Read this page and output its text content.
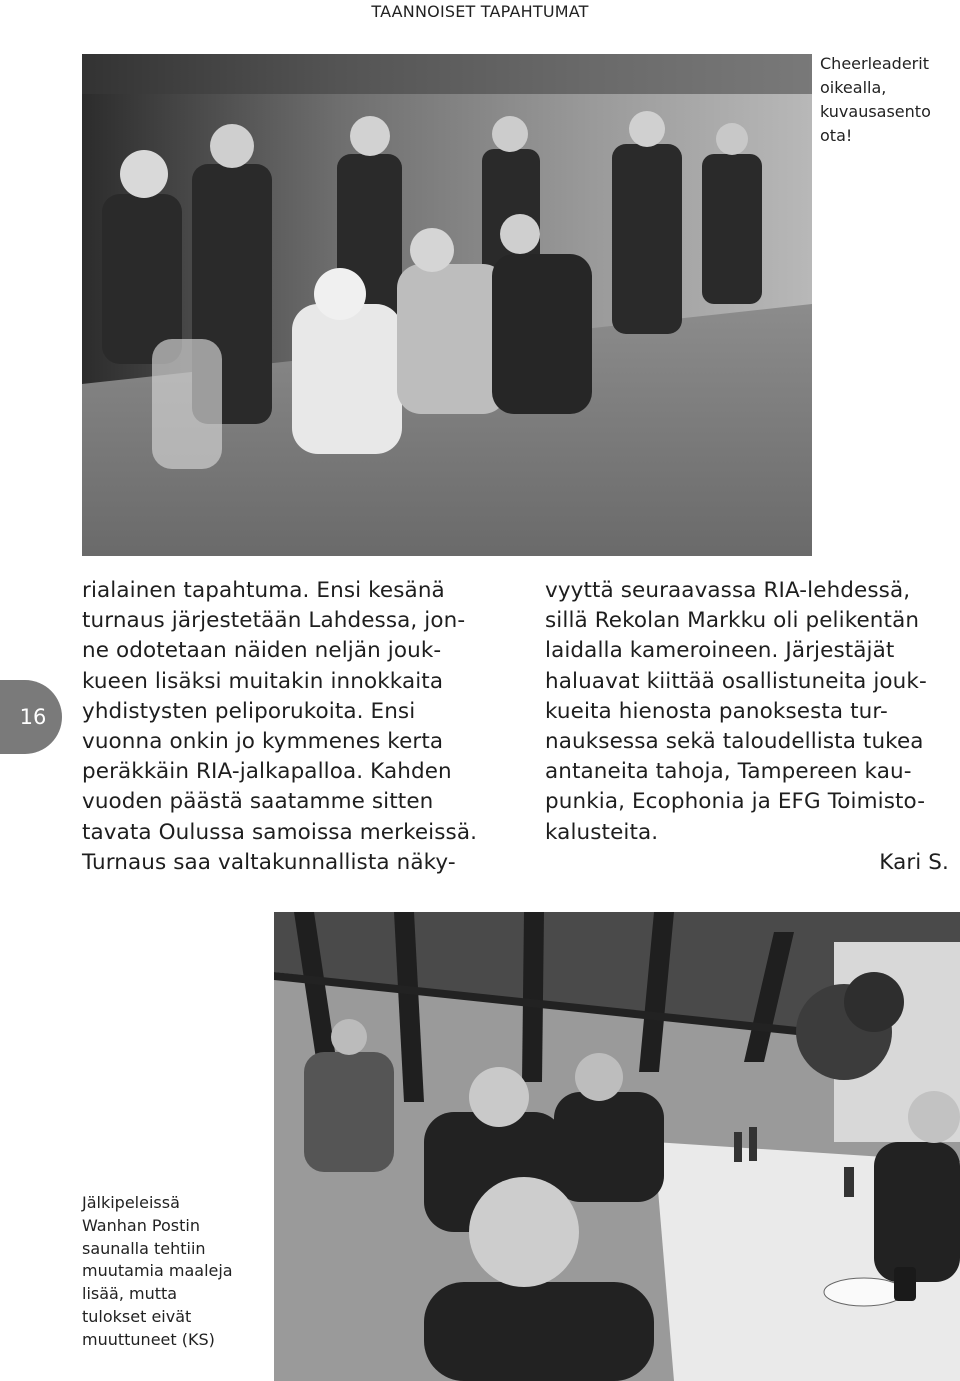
TAANNOISET TAPAHTUMAT
Cheerleaderit
oikealla,
kuvausasento
ota!
16

rialainen tapahtuma. Ensi kesänä

turnaus järjestetään Lahdessa, jon-

ne odotetaan näiden neljän jouk-

kueen lisäksi muitakin innokkaita

yhdistysten peliporukoita. Ensi

vuonna onkin jo kymmenes kerta

peräkkäin RIA-jalkapalloa. Kahden

vuoden päästä saatamme sitten

tavata Oulussa samoissa merkeissä.

Turnaus saa valtakunnallista näky-

vyyttä seuraavassa RIA-lehdessä,

sillä Rekolan Markku oli pelikentän

laidalla kameroineen. Järjestäjät

haluavat kiittää osallistuneita jouk-

kueita hienosta panoksesta tur-

nauksessa sekä taloudellista tukea

antaneita tahoja, Tampereen kau-

punkia, Ecophonia ja EFG Toimisto-

kalusteita.

Kari S.

Jälkipeleissä
Wanhan Postin
saunalla tehtiin
muutamia maaleja
lisää, mutta
tulokset eivät
muuttuneet (KS)
